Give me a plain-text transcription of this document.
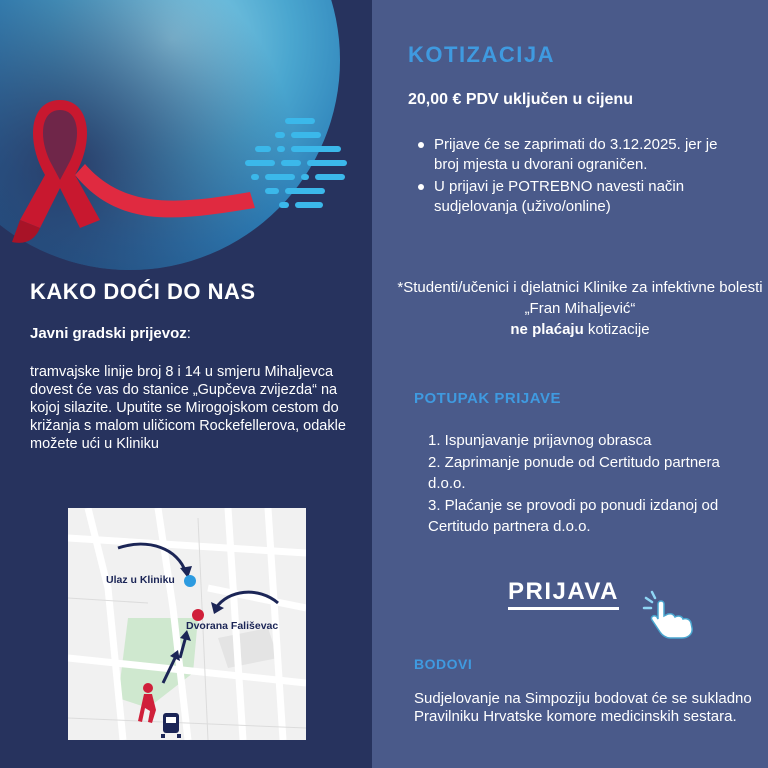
KAKO DOĆI DO NAS
Javni gradski prijevoz:
tramvajske linije broj 8 i 14 u smjeru Mihaljevca dovest će vas do stanice „Gupčeva zvijezda“ na kojoj silazite. Uputite se Mirogojskom cestom do križanja s malom uličicom Rockefellerova, odakle možete ući u Kliniku
Ulaz u Kliniku
Dvorana Fališevac
KOTIZACIJA
20,00 € PDV uključen u cijenu
Prijave će se zaprimati do 3.12.2025. jer je broj mjesta u dvorani ograničen.
U prijavi je POTREBNO navesti način sudjelovanja (uživo/online)
*Studenti/učenici i djelatnici Klinike za infektivne bolesti „Fran Mihaljević“
ne plaćaju kotizacije
POTUPAK PRIJAVE
1. Ispunjavanje prijavnog obrasca
2. Zaprimanje ponude od Certitudo partnera d.o.o.
3. Plaćanje se provodi po ponudi izdanoj od Certitudo partnera d.o.o.
PRIJAVA
BODOVI
Sudjelovanje na Simpoziju bodovat će se sukladno Pravilniku Hrvatske komore medicinskih sestara.
